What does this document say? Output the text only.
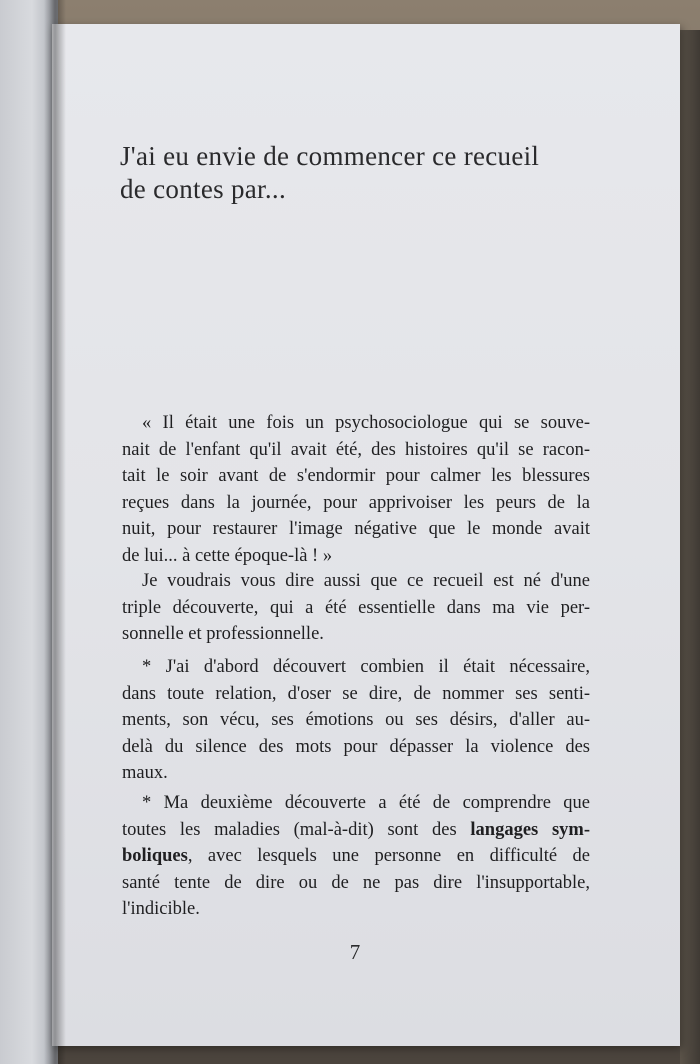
J'ai eu envie de commencer ce recueil
de contes par...
« Il était une fois un psychosociologue qui se souve-
nait de l'enfant qu'il avait été, des histoires qu'il se racon-
tait le soir avant de s'endormir pour calmer les blessures
reçues dans la journée, pour apprivoiser les peurs de la
nuit, pour restaurer l'image négative que le monde avait
de lui... à cette époque-là ! »
Je voudrais vous dire aussi que ce recueil est né d'une
triple découverte, qui a été essentielle dans ma vie per-
sonnelle et professionnelle.
* J'ai d'abord découvert combien il était nécessaire,
dans toute relation, d'oser se dire, de nommer ses senti-
ments, son vécu, ses émotions ou ses désirs, d'aller au-
delà du silence des mots pour dépasser la violence des
maux.
* Ma deuxième découverte a été de comprendre que
toutes les maladies (mal-à-dit) sont des langages sym-
boliques, avec lesquels une personne en difficulté de
santé tente de dire ou de ne pas dire l'insupportable,
l'indicible.
7
